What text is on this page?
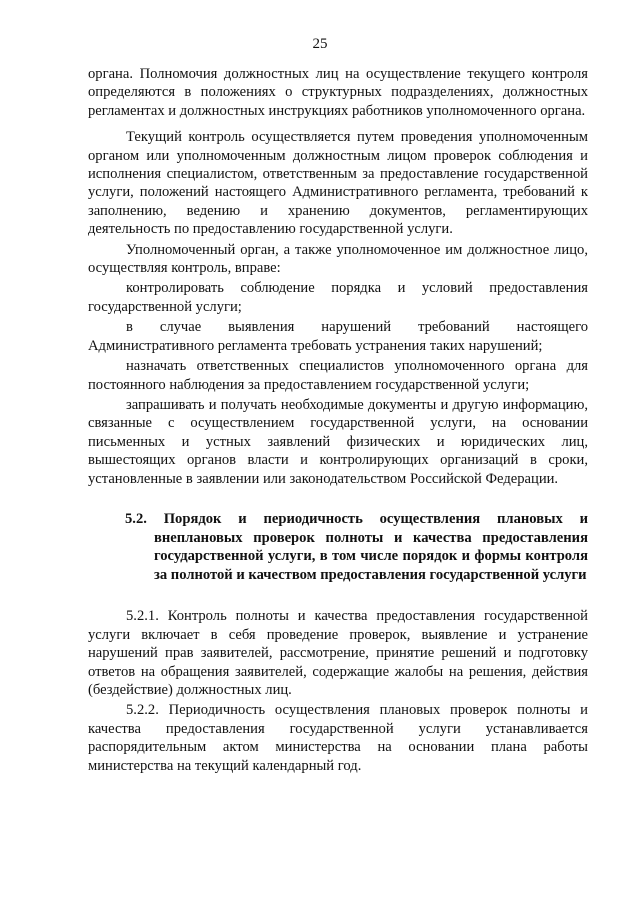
25

органа. Полномочия должностных лиц на осуществление текущего контроля определяются в положениях о структурных подразделениях, должностных регламентах и должностных инструкциях работников уполномоченного органа.

Текущий контроль осуществляется путем проведения уполномоченным органом или уполномоченным должностным лицом проверок соблюдения и исполнения специалистом, ответственным за предоставление государственной услуги, положений настоящего Административного регламента, требований к заполнению, ведению и хранению документов, регламентирующих деятельность по предоставлению государственной услуги.

Уполномоченный орган, а также уполномоченное им должностное лицо, осуществляя контроль, вправе:

контролировать соблюдение порядка и условий предоставления государственной услуги;

в случае выявления нарушений требований настоящего Административного регламента требовать устранения таких нарушений;

назначать ответственных специалистов уполномоченного органа для постоянного наблюдения за предоставлением государственной услуги;

запрашивать и получать необходимые документы и другую информацию, связанные с осуществлением государственной услуги, на основании письменных и устных заявлений физических и юридических лиц, вышестоящих органов власти и контролирующих организаций в сроки, установленные в заявлении или законодательством Российской Федерации.

5.2. Порядок и периодичность осуществления плановых и внеплановых проверок полноты и качества предоставления государственной услуги, в том числе порядок и формы контроля за полнотой и качеством предоставления государственной услуги

5.2.1. Контроль полноты и качества предоставления государственной услуги включает в себя проведение проверок, выявление и устранение нарушений прав заявителей, рассмотрение, принятие решений и подготовку ответов на обращения заявителей, содержащие жалобы на решения, действия (бездействие) должностных лиц.

5.2.2. Периодичность осуществления плановых проверок полноты и качества предоставления государственной услуги устанавливается распорядительным актом министерства на основании плана работы министерства на текущий календарный год.
